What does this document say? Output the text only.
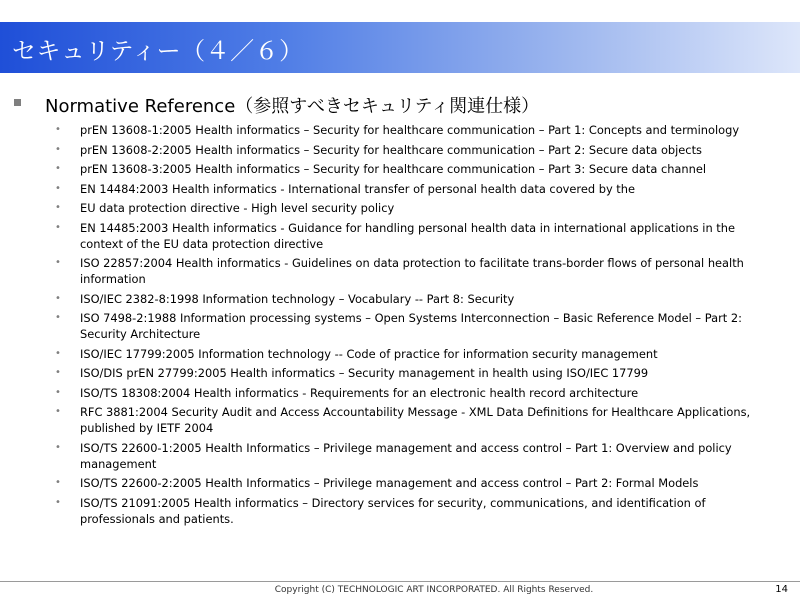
セキュリティー（４／６）
Normative Reference（参照すべきセキュリティ関連仕様）
• prEN 13608-1:2005 Health informatics – Security for healthcare communication – Part 1: Concepts and terminology
• prEN 13608-2:2005 Health informatics – Security for healthcare communication – Part 2: Secure data objects
• prEN 13608-3:2005 Health informatics – Security for healthcare communication – Part 3: Secure data channel
• EN 14484:2003 Health informatics - International transfer of personal health data covered by the
• EU data protection directive - High level security policy
• EN 14485:2003 Health informatics - Guidance for handling personal health data in international applications in the context of the EU data protection directive
• ISO 22857:2004 Health informatics - Guidelines on data protection to facilitate trans-border flows of personal health information
• ISO/IEC 2382-8:1998 Information technology – Vocabulary -- Part 8: Security
• ISO 7498-2:1988 Information processing systems – Open Systems Interconnection – Basic Reference Model – Part 2: Security Architecture
• ISO/IEC 17799:2005 Information technology -- Code of practice for information security management
• ISO/DIS prEN 27799:2005 Health informatics – Security management in health using ISO/IEC 17799
• ISO/TS 18308:2004 Health informatics - Requirements for an electronic health record architecture
• RFC 3881:2004 Security Audit and Access Accountability Message - XML Data Definitions for Healthcare Applications, published by IETF 2004
• ISO/TS 22600-1:2005 Health Informatics – Privilege management and access control – Part 1: Overview and policy management
• ISO/TS 22600-2:2005 Health Informatics – Privilege management and access control – Part 2: Formal Models
• ISO/TS 21091:2005 Health informatics – Directory services for security, communications, and identification of professionals and patients.
Copyright (C) TECHNOLOGIC ART INCORPORATED. All Rights Reserved.	14
